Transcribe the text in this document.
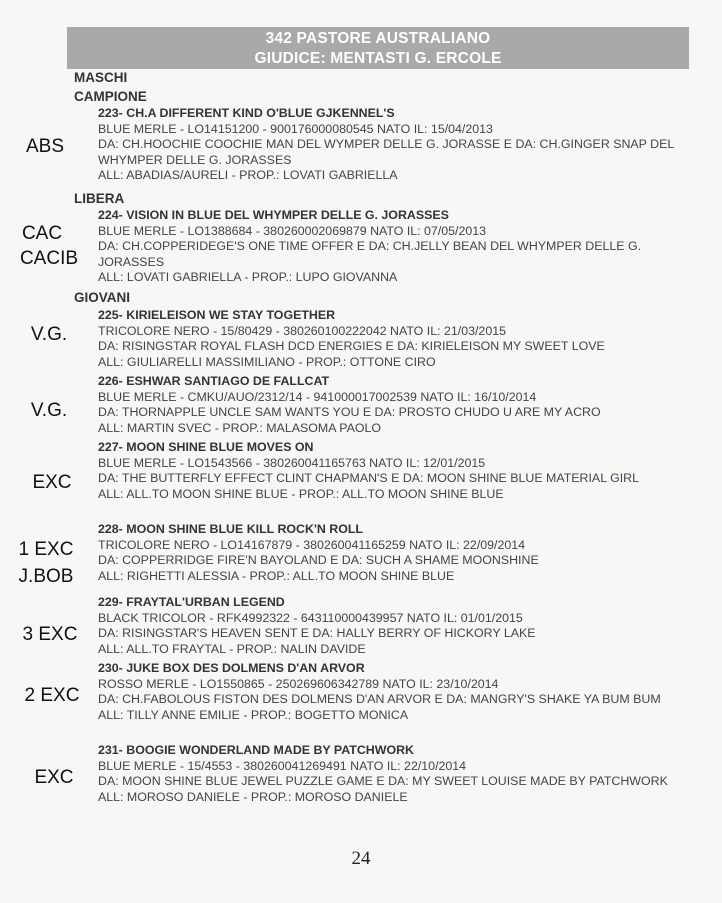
342 PASTORE AUSTRALIANO
GIUDICE: MENTASTI G. ERCOLE
MASCHI
CAMPIONE
223- CH.A DIFFERENT KIND O'BLUE GJKENNEL'S
BLUE MERLE - LO14151200 - 900176000080545 NATO IL: 15/04/2013
DA: CH.HOOCHIE COOCHIE MAN DEL WYMPER DELLE G. JORASSE E DA: CH.GINGER SNAP DEL WHYMPER DELLE G. JORASSES
ALL: ABADIAS/AURELI - PROP.: LOVATI GABRIELLA
ABS
LIBERA
224- VISION IN BLUE DEL WHYMPER DELLE G. JORASSES
BLUE MERLE - LO1388684 - 380260002069879 NATO IL: 07/05/2013
DA: CH.COPPERIDEGE'S ONE TIME OFFER E DA: CH.JELLY BEAN DEL WHYMPER DELLE G. JORASSES
ALL: LOVATI GABRIELLA - PROP.: LUPO GIOVANNA
CAC
CACIB
GIOVANI
225- KIRIELEISON WE STAY TOGETHER
TRICOLORE NERO - 15/80429 - 380260100222042 NATO IL: 21/03/2015
DA: RISINGSTAR ROYAL FLASH DCD ENERGIES E DA: KIRIELEISON MY SWEET LOVE
ALL: GIULIARELLI MASSIMILIANO - PROP.: OTTONE CIRO
V.G.
226- ESHWAR SANTIAGO DE FALLCAT
BLUE MERLE - CMKU/AUO/2312/14 - 941000017002539 NATO IL: 16/10/2014
DA: THORNAPPLE UNCLE SAM WANTS YOU E DA: PROSTO CHUDO U ARE MY ACRO
ALL: MARTIN SVEC - PROP.: MALASOMA PAOLO
V.G.
227- MOON SHINE BLUE MOVES ON
BLUE MERLE - LO1543566 - 380260041165763 NATO IL: 12/01/2015
DA: THE BUTTERFLY EFFECT CLINT CHAPMAN'S E DA: MOON SHINE BLUE MATERIAL GIRL
ALL: ALL.TO MOON SHINE BLUE - PROP.: ALL.TO MOON SHINE BLUE
EXC
228- MOON SHINE BLUE KILL ROCK'N ROLL
TRICOLORE NERO - LO14167879 - 380260041165259 NATO IL: 22/09/2014
DA: COPPERRIDGE FIRE'N BAYOLAND E DA: SUCH A SHAME MOONSHINE
ALL: RIGHETTI ALESSIA - PROP.: ALL.TO MOON SHINE BLUE
1 EXC
J.BOB
229- FRAYTAL'URBAN LEGEND
BLACK TRICOLOR - RFK4992322 - 643110000439957 NATO IL: 01/01/2015
DA: RISINGSTAR'S HEAVEN SENT E DA: HALLY BERRY OF HICKORY LAKE
ALL: ALL.TO FRAYTAL - PROP.: NALIN DAVIDE
3 EXC
230- JUKE BOX DES DOLMENS D'AN ARVOR
ROSSO MERLE - LO1550865 - 250269606342789 NATO IL: 23/10/2014
DA: CH.FABOLOUS FISTON DES DOLMENS D'AN ARVOR E DA: MANGRY'S SHAKE YA BUM BUM
ALL: TILLY ANNE EMILIE - PROP.: BOGETTO MONICA
2 EXC
231- BOOGIE WONDERLAND MADE BY PATCHWORK
BLUE MERLE - 15/4553 - 380260041269491 NATO IL: 22/10/2014
DA: MOON SHINE BLUE JEWEL PUZZLE GAME E DA: MY SWEET LOUISE MADE BY PATCHWORK
ALL: MOROSO DANIELE - PROP.: MOROSO DANIELE
EXC
24
